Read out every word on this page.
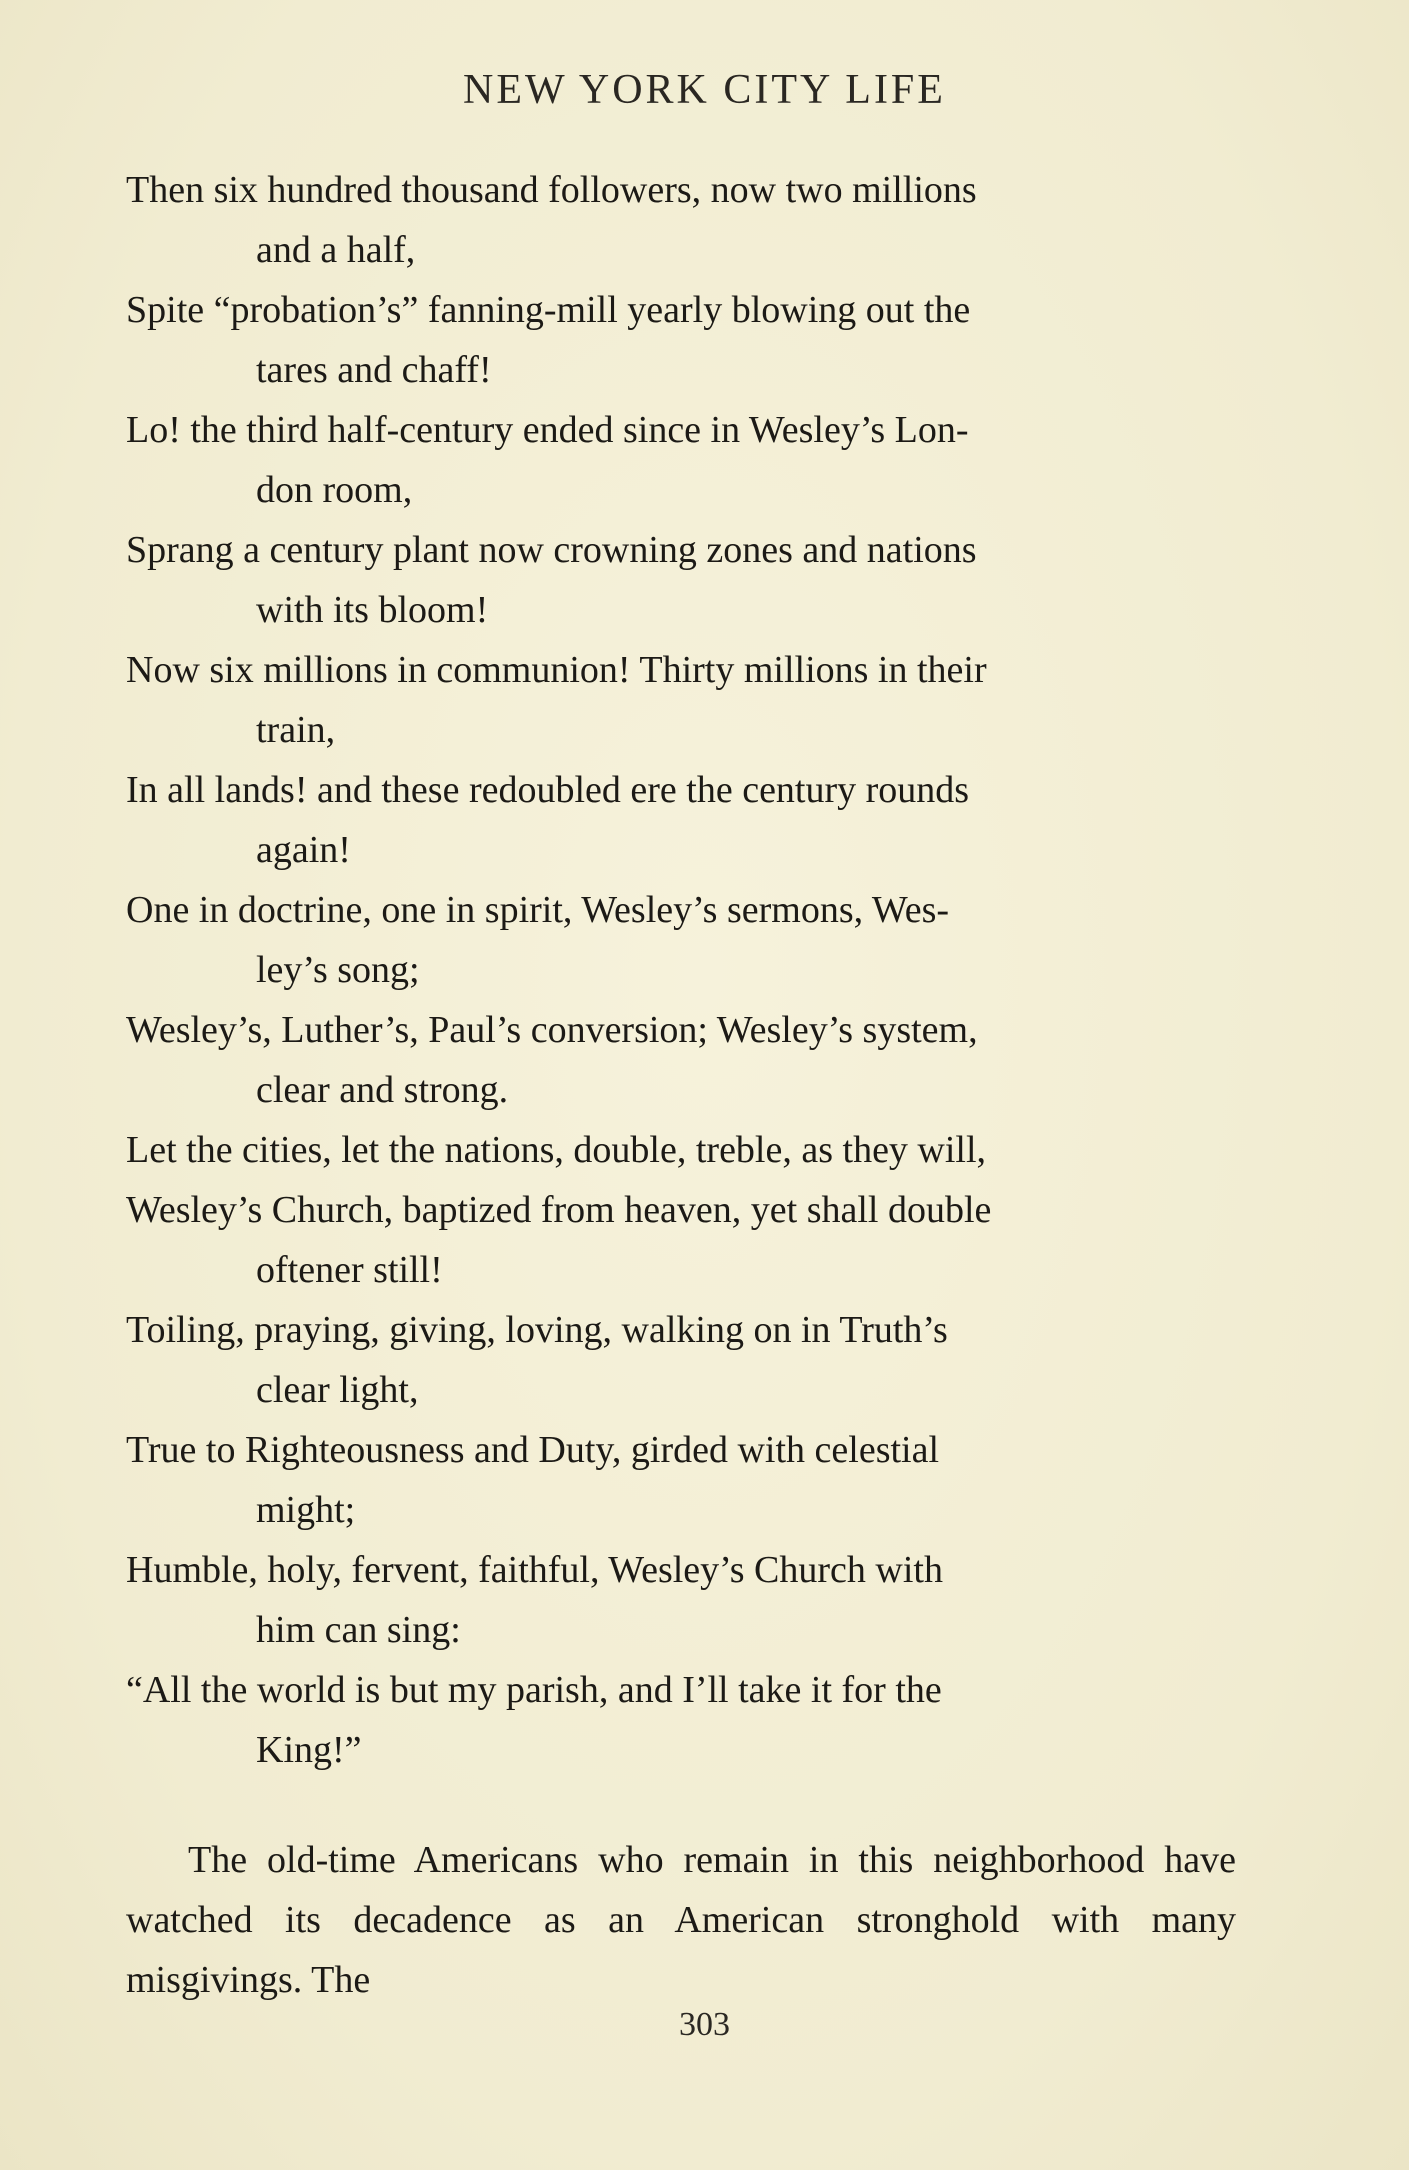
NEW YORK CITY LIFE
Then six hundred thousand followers, now two millions
and a half,
Spite “probation’s” fanning-mill yearly blowing out the
tares and chaff!
Lo! the third half-century ended since in Wesley’s Lon-
don room,
Sprang a century plant now crowning zones and nations
with its bloom!
Now six millions in communion! Thirty millions in their
train,
In all lands! and these redoubled ere the century rounds
again!
One in doctrine, one in spirit, Wesley’s sermons, Wes-
ley’s song;
Wesley’s, Luther’s, Paul’s conversion; Wesley’s system,
clear and strong.
Let the cities, let the nations, double, treble, as they will,
Wesley’s Church, baptized from heaven, yet shall double
oftener still!
Toiling, praying, giving, loving, walking on in Truth’s
clear light,
True to Righteousness and Duty, girded with celestial
might;
Humble, holy, fervent, faithful, Wesley’s Church with
him can sing:
“All the world is but my parish, and I’ll take it for the
King!”

The old-time Americans who remain in this neighborhood have watched its decadence as an American stronghold with many misgivings. The

303
